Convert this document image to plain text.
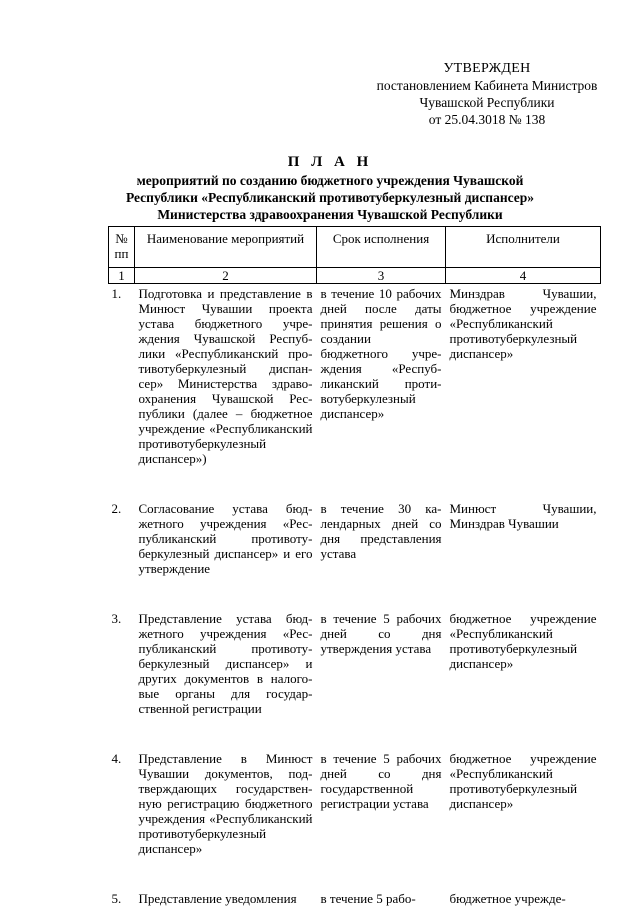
УТВЕРЖДЕН
постановлением Кабинета Министров
Чувашской Республики
от 25.04.3018 № 138
П Л А Н
мероприятий по созданию бюджетного учреждения Чувашской
Республики «Республиканский противотуберкулезный диспансер»
Министерства здравоохранения Чувашской Республики
№ пп	Наименование мероприятий	Срок исполнения	Исполнители
1	2	3	4
1.	Подготовка и представление в Минюст Чувашии проекта устава бюджетного учреждения Чувашской Республики «Республиканский противотуберкулезный диспансер» Министерства здравоохранения Чувашской Республики (далее – бюджетное учреждение «Республиканский противотуберкулезный диспансер»)	в течение 10 рабочих дней после даты принятия решения о создании бюджетного учреждения «Республиканский противотуберкулезный диспансер»	Минздрав Чувашии, бюджетное учреждение «Республиканский противотуберкулезный диспансер»

2.	Согласование устава бюджетного учреждения «Республиканский противотуберкулезный диспансер» и его утверждение	в течение 30 календарных дней со дня представления устава	Минюст Чувашии, Минздрав Чувашии

3.	Представление устава бюджетного учреждения «Республиканский противотуберкулезный диспансер» и других документов в налоговые органы для государственной регистрации	в течение 5 рабочих дней со дня утверждения устава	бюджетное учреждение «Республиканский противотуберкулезный диспансер»

4.	Представление в Минюст Чувашии документов, подтверждающих государственную регистрацию бюджетного учреждения «Республиканский противотуберкулезный диспансер»	в течение 5 рабочих дней со дня государственной регистрации устава	бюджетное учреждение «Республиканский противотуберкулезный диспансер»

5.	Представление уведомления	в течение 5 рабо-	бюджетное учрежде-
